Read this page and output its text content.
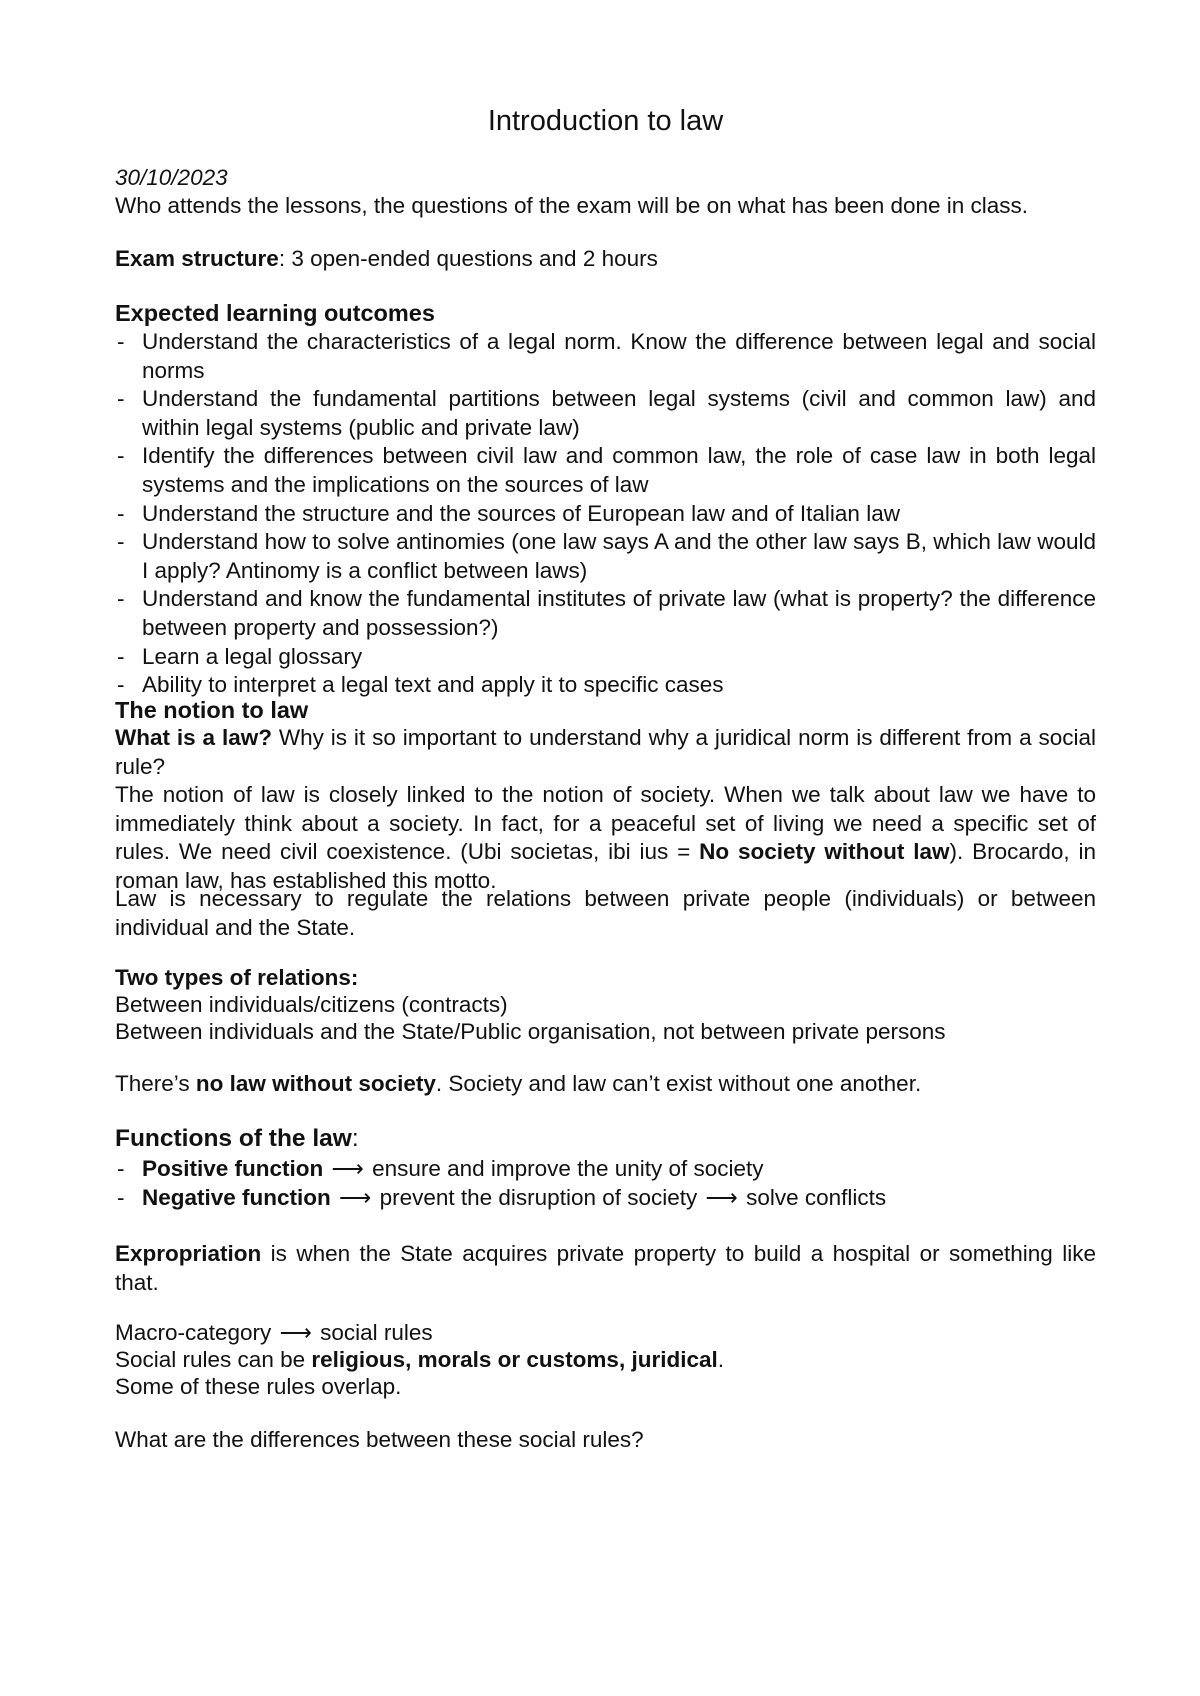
Introduction to law
30/10/2023

Who attends the lessons, the questions of the exam will be on what has been done in class.

Exam structure: 3 open-ended questions and 2 hours

Expected learning outcomes
- Understand the characteristics of a legal norm. Know the difference between legal and social norms
- Understand the fundamental partitions between legal systems (civil and common law) and within legal systems (public and private law)
- Identify the differences between civil law and common law, the role of case law in both legal systems and the implications on the sources of law
- Understand the structure and the sources of European law and of Italian law
- Understand how to solve antinomies (one law says A and the other law says B, which law would I apply? Antinomy is a conflict between laws)
- Understand and know the fundamental institutes of private law (what is property? the difference between property and possession?)
- Learn a legal glossary
- Ability to interpret a legal text and apply it to specific cases
The notion to law

What is a law? Why is it so important to understand why a juridical norm is different from a social rule?

The notion of law is closely linked to the notion of society. When we talk about law we have to immediately think about a society. In fact, for a peaceful set of living we need a specific set of rules. We need civil coexistence. (Ubi societas, ibi ius = No society without law). Brocardo, in roman law, has established this motto.

Law is necessary to regulate the relations between private people (individuals) or between individual and the State.

Two types of relations:

Between individuals/citizens (contracts)

Between individuals and the State/Public organisation, not between private persons

There’s no law without society. Society and law can’t exist without one another.

Functions of the law:
- Positive function ⟶ ensure and improve the unity of society
- Negative function ⟶ prevent the disruption of society ⟶ solve conflicts

Expropriation is when the State acquires private property to build a hospital or something like that.

Macro-category ⟶ social rules

Social rules can be religious, morals or customs, juridical.

Some of these rules overlap.

What are the differences between these social rules?
